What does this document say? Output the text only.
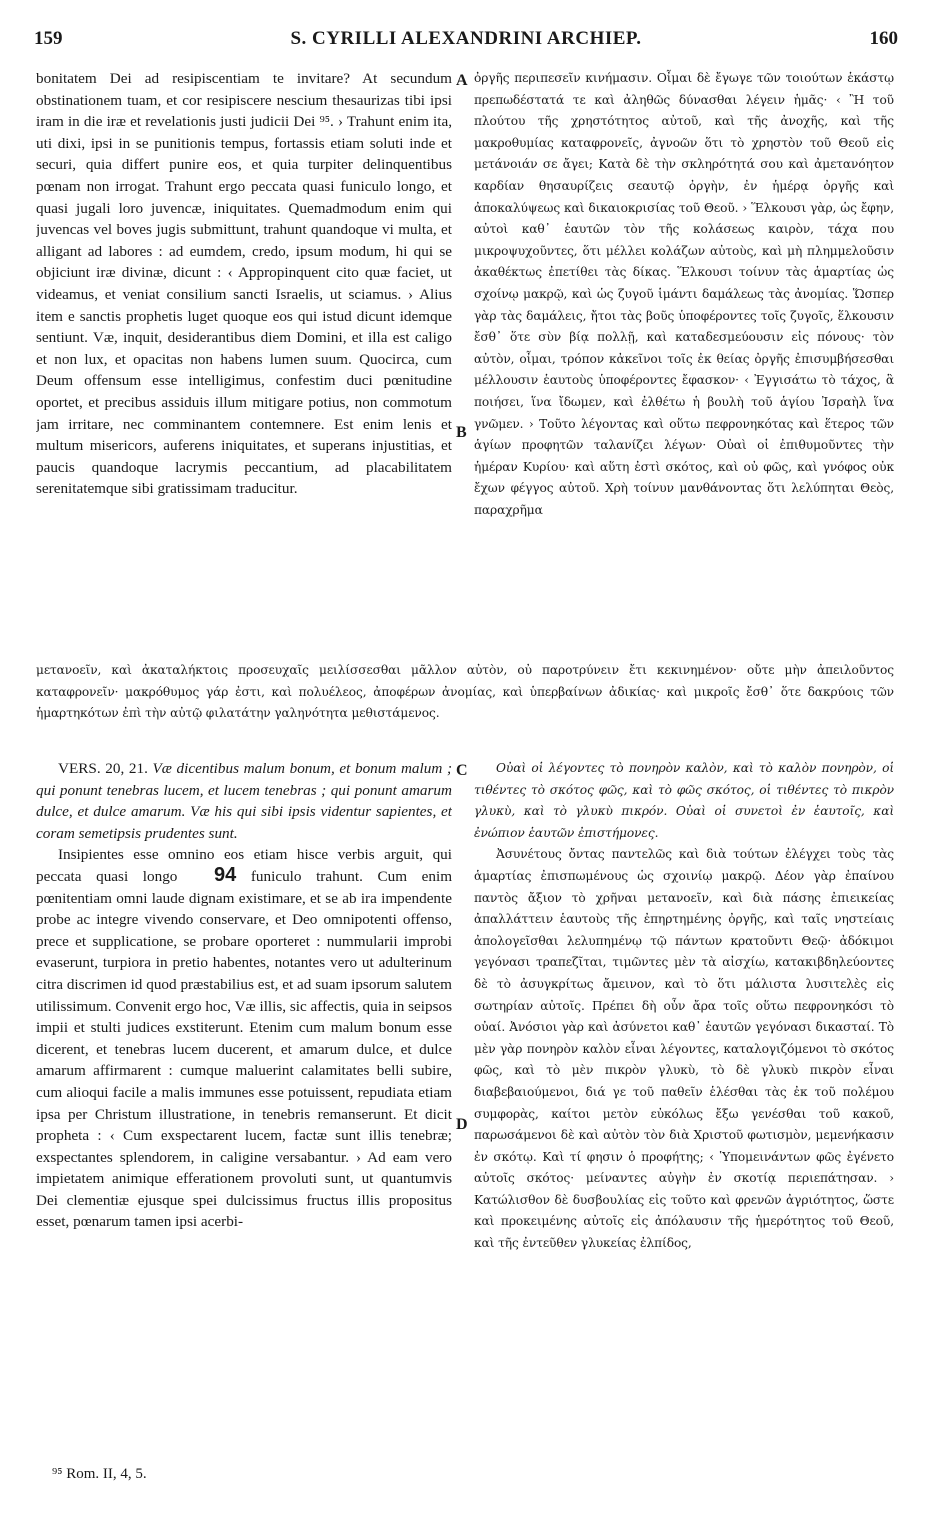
159	S. CYRILLI ALEXANDRINI ARCHIEP.	160

bonitatem Dei ad resipiscentiam te invitare? At secundum obstinationem tuam, et cor resipiscere nescium thesaurizas tibi ipsi iram in die iræ et revelationis justi judicii Dei ⁹⁵. › Trahunt enim ita, uti dixi, ipsi in se punitionis tempus, fortassis etiam soluti inde et securi, quia differt punire eos, et quia turpiter delinquentibus pœnam non irrogat. Trahunt ergo peccata quasi funiculo longo, et quasi jugali loro juvencæ, iniquitates. Quemadmodum enim qui juvencas vel boves jugis submittunt, trahunt quandoque vi multa, et alligant ad labores : ad eumdem, credo, ipsum modum, hi qui se objiciunt iræ divinæ, dicunt : ‹ Appropinquent cito quæ faciet, ut videamus, et veniat consilium sancti Israelis, ut sciamus. › Alius item e sanctis prophetis luget quoque eos qui istud dicunt idemque sentiunt. Væ, inquit, desiderantibus diem Domini, et illa est caligo et non lux, et opacitas non habens lumen suum. Quocirca, cum Deum offensum esse intelligimus, confestim duci pœnitudine oportet, et precibus assiduis illum mitigare potius, non commotum jam irritare, nec comminantem contemnere. Est enim lenis et multum misericors, auferens iniquitates, et superans injustitias, et paucis quandoque lacrymis peccantium, ad placabilitatem serenitatemque sibi gratissimam traducitur.

ὀργῆς περιπεσεῖν κινήμασιν. Οἶμαι δὲ ἔγωγε τῶν τοιούτων ἑκάστῳ πρεπωδέστατά τε καὶ ἀληθῶς δύνασθαι λέγειν ἡμᾶς· ‹ Ἢ τοῦ πλούτου τῆς χρηστότητος αὐτοῦ, καὶ τῆς ἀνοχῆς, καὶ τῆς μακροθυμίας καταφρονεῖς, ἀγνοῶν ὅτι τὸ χρηστὸν τοῦ Θεοῦ εἰς μετάνοιάν σε ἄγει; Κατὰ δὲ τὴν σκληρότητά σου καὶ ἀμετανόητον καρδίαν θησαυρίζεις σεαυτῷ ὀργὴν, ἐν ἡμέρᾳ ὀργῆς καὶ ἀποκαλύψεως καὶ δικαιοκρισίας τοῦ Θεοῦ. › Ἕλκουσι γὰρ, ὡς ἔφην, αὐτοὶ καθ᾽ ἑαυτῶν τὸν τῆς κολάσεως καιρὸν, τάχα που μικροψυχοῦντες, ὅτι μέλλει κολάζων αὐτοὺς, καὶ μὴ πλημμελοῦσιν ἀκαθέκτως ἐπετίθει τὰς δίκας. Ἕλκουσι τοίνυν τὰς ἁμαρτίας ὡς σχοίνῳ μακρῷ, καὶ ὡς ζυγοῦ ἱμάντι δαμάλεως τὰς ἀνομίας. Ὥσπερ γὰρ τὰς δαμάλεις, ἤτοι τὰς βοῦς ὑποφέροντες τοῖς ζυγοῖς, ἕλκουσιν ἔσθ᾽ ὅτε σὺν βίᾳ πολλῇ, καὶ καταδεσμεύουσιν εἰς πόνους· τὸν αὐτὸν, οἶμαι, τρόπον κἀκεῖνοι τοῖς ἐκ θείας ὀργῆς ἐπισυμβήσεσθαι μέλλουσιν ἑαυτοὺς ὑποφέροντες ἔφασκον· ‹ Ἐγγισάτω τὸ τάχος, ἃ ποιήσει, ἵνα ἴδωμεν, καὶ ἐλθέτω ἡ βουλὴ τοῦ ἁγίου Ἰσραὴλ ἵνα γνῶμεν. › Τοῦτο λέγοντας καὶ οὕτω πεφρονηκότας καὶ ἕτερος τῶν ἁγίων προφητῶν ταλανίζει λέγων· Οὐαὶ οἱ ἐπιθυμοῦντες τὴν ἡμέραν Κυρίου· καὶ αὕτη ἐστὶ σκότος, καὶ οὐ φῶς, καὶ γνόφος οὐκ ἔχων φέγγος αὐτοῦ. Χρὴ τοίνυν μανθάνοντας ὅτι λελύπηται Θεὸς, παραχρῆμα

μετανοεῖν, καὶ ἀκαταλήκτοις προσευχαῖς μειλίσσεσθαι μᾶλλον αὐτὸν, οὐ παροτρύνειν ἔτι κεκινημένον· οὔτε μὴν ἀπειλοῦντος καταφρονεῖν· μακρόθυμος γάρ ἐστι, καὶ πολυέλεος, ἀποφέρων ἀνομίας, καὶ ὑπερβαίνων ἀδικίας· καὶ μικροῖς ἔσθ᾽ ὅτε δακρύοις τῶν ἡμαρτηκότων ἐπὶ τὴν αὐτῷ φιλατάτην γαληνότητα μεθιστάμενος.

VERS. 20, 21. Væ dicentibus malum bonum, et bonum malum ; qui ponunt tenebras lucem, et lucem tenebras ; qui ponunt amarum dulce, et dulce amarum. Væ his qui sibi ipsis videntur sapientes, et coram semetipsis prudentes sunt.

Insipientes esse omnino eos etiam hisce verbis arguit, qui peccata quasi longo 94 funiculo trahunt. Cum enim pœnitentiam omni laude dignam existimare, et se ab ira impendente probe ac integre vivendo conservare, et Deo omnipotenti offenso, prece et supplicatione, se probare oporteret : nummularii improbi evaserunt, turpiora in pretio habentes, notantes vero ut adulterinum citra discrimen id quod præstabilius est, et ad suam ipsorum salutem utilissimum. Convenit ergo hoc, Væ illis, sic affectis, quia in seipsos impii et stulti judices exstiterunt. Etenim cum malum bonum esse dicerent, et tenebras lucem ducerent, et amarum dulce, et dulce amarum affirmarent : cumque maluerint calamitates belli subire, cum alioqui facile a malis immunes esse potuissent, repudiata etiam ipsa per Christum illustratione, in tenebris remanserunt. Et dicit propheta : ‹ Cum exspectarent lucem, factæ sunt illis tenebræ; exspectantes splendorem, in caligine versabantur. › Ad eam vero impietatem animique efferationem provoluti sunt, ut quantumvis Dei clementiæ ejusque spei dulcissimus fructus illis propositus esset, pœnarum tamen ipsi acerbi-

Οὐαὶ οἱ λέγοντες τὸ πονηρὸν καλὸν, καὶ τὸ καλὸν πονηρὸν, οἱ τιθέντες τὸ σκότος φῶς, καὶ τὸ φῶς σκότος, οἱ τιθέντες τὸ πικρὸν γλυκὺ, καὶ τὸ γλυκὺ πικρόν. Οὐαὶ οἱ συνετοὶ ἐν ἑαυτοῖς, καὶ ἐνώπιον ἑαυτῶν ἐπιστήμονες.

Ἀσυνέτους ὄντας παντελῶς καὶ διὰ τούτων ἐλέγχει τοὺς τὰς ἁμαρτίας ἐπισπωμένους ὡς σχοινίῳ μακρῷ. Δέον γὰρ ἐπαίνου παντὸς ἄξιον τὸ χρῆναι μετανοεῖν, καὶ διὰ πάσης ἐπιεικείας ἀπαλλάττειν ἑαυτοὺς τῆς ἐπηρτημένης ὀργῆς, καὶ ταῖς νηστείαις ἀπολογεῖσθαι λελυπημένῳ τῷ πάντων κρατοῦντι Θεῷ· ἀδόκιμοι γεγόνασι τραπεζῖται, τιμῶντες μὲν τὰ αἰσχίω, κατακιβδηλεύοντες δὲ τὸ ἀσυγκρίτως ἄμεινον, καὶ τὸ ὅτι μάλιστα λυσιτελὲς εἰς σωτηρίαν αὐτοῖς. Πρέπει δὴ οὖν ἄρα τοῖς οὕτω πεφρονηκόσι τὸ οὐαί. Ἀνόσιοι γὰρ καὶ ἀσύνετοι καθ᾽ ἑαυτῶν γεγόνασι δικασταί. Τὸ μὲν γὰρ πονηρὸν καλὸν εἶναι λέγοντες, καταλογιζόμενοι τὸ σκότος φῶς, καὶ τὸ μὲν πικρὸν γλυκὺ, τὸ δὲ γλυκὺ πικρὸν εἶναι διαβεβαιούμενοι, διά γε τοῦ παθεῖν ἑλέσθαι τὰς ἐκ τοῦ πολέμου συμφορὰς, καίτοι μετὸν εὐκόλως ἔξω γενέσθαι τοῦ κακοῦ, παρωσάμενοι δὲ καὶ αὐτὸν τὸν διὰ Χριστοῦ φωτισμὸν, μεμενήκασιν ἐν σκότῳ. Καὶ τί φησιν ὁ προφήτης; ‹ Ὑπομεινάντων φῶς ἐγένετο αὐτοῖς σκότος· μείναντες αὐγὴν ἐν σκοτίᾳ περιεπάτησαν. › Κατώλισθον δὲ δυσβουλίας εἰς τοῦτο καὶ φρενῶν ἀγριότητος, ὥστε καὶ προκειμένης αὐτοῖς εἰς ἀπόλαυσιν τῆς ἡμερότητος τοῦ Θεοῦ, καὶ τῆς ἐντεῦθεν γλυκείας ἐλπίδος,

A
B
C
D
⁹⁵ Rom. II, 4, 5.
